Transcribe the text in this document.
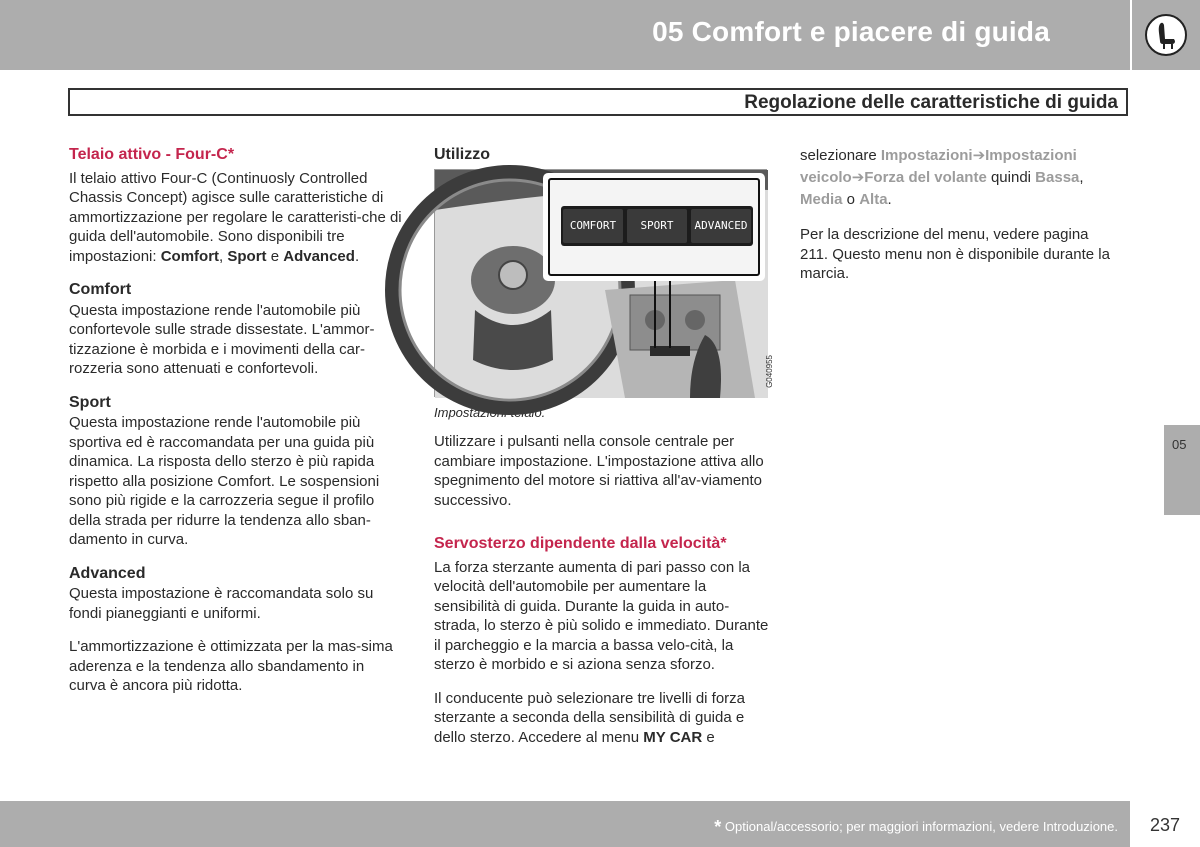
05 Comfort e piacere di guida
Regolazione delle caratteristiche di guida
Telaio attivo - Four-C*

Il telaio attivo Four-C (Continuosly Controlled Chassis Concept) agisce sulle caratteristiche di ammortizzazione per regolare le caratteristi-che di guida dell'automobile. Sono disponibili tre impostazioni: Comfort, Sport e Advanced.

Comfort

Questa impostazione rende l'automobile più confortevole sulle strade dissestate. L'ammor-tizzazione è morbida e i movimenti della car-rozzeria sono attenuati e confortevoli.

Sport

Questa impostazione rende l'automobile più sportiva ed è raccomandata per una guida più dinamica. La risposta dello sterzo è più rapida rispetto alla posizione Comfort. Le sospensioni sono più rigide e la carrozzeria segue il profilo della strada per ridurre la tendenza allo sban-damento in curva.

Advanced

Questa impostazione è raccomandata solo su fondi pianeggianti e uniformi.

L'ammortizzazione è ottimizzata per la mas-sima aderenza e la tendenza allo sbandamento in curva è ancora più ridotta.

Utilizzo
COMFORT	SPORT	ADVANCED
G040955
Impostazioni telaio.

Utilizzare i pulsanti nella console centrale per cambiare impostazione. L'impostazione attiva allo spegnimento del motore si riattiva all'av-viamento successivo.

Servosterzo dipendente dalla velocità*

La forza sterzante aumenta di pari passo con la velocità dell'automobile per aumentare la sensibilità di guida. Durante la guida in auto-strada, lo sterzo è più solido e immediato. Durante il parcheggio e la marcia a bassa velo-cità, la sterzo è morbido e si aziona senza sforzo.

Il conducente può selezionare tre livelli di forza sterzante a seconda della sensibilità di guida e dello sterzo. Accedere al menu MY CAR e

selezionare Impostazioni➔Impostazioni veicolo➔Forza del volante quindi Bassa, Media o Alta.

Per la descrizione del menu, vedere pagina 211. Questo menu non è disponibile durante la marcia.

05
* Optional/accessorio; per maggiori informazioni, vedere Introduzione. 237
